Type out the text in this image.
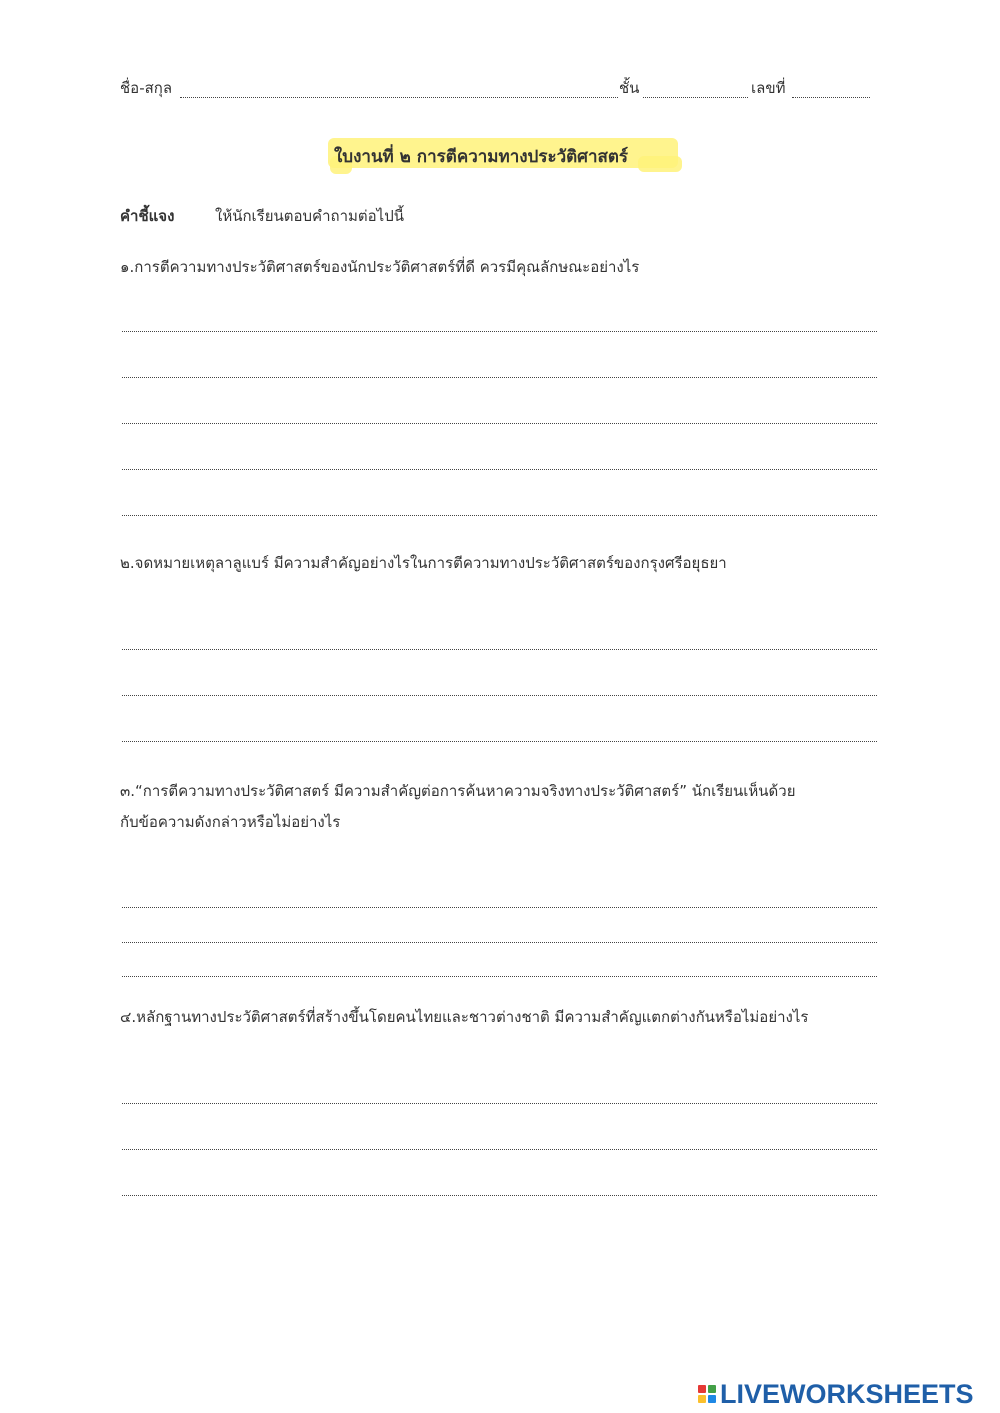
ชื่อ-สกุล	ชั้น	เลขที่
ใบงานที่ ๒ การตีความทางประวัติศาสตร์
คำชี้แจง	ให้นักเรียนตอบคำถามต่อไปนี้
๑.การตีความทางประวัติศาสตร์ของนักประวัติศาสตร์ที่ดี ควรมีคุณลักษณะอย่างไร
๒.จดหมายเหตุลาลูแบร์ มีความสำคัญอย่างไรในการตีความทางประวัติศาสตร์ของกรุงศรีอยุธยา
๓.“การตีความทางประวัติศาสตร์ มีความสำคัญต่อการค้นหาความจริงทางประวัติศาสตร์” นักเรียนเห็นด้วย
กับข้อความดังกล่าวหรือไม่อย่างไร
๔.หลักฐานทางประวัติศาสตร์ที่สร้างขึ้นโดยคนไทยและชาวต่างชาติ มีความสำคัญแตกต่างกันหรือไม่อย่างไร
LIVEWORKSHEETS
